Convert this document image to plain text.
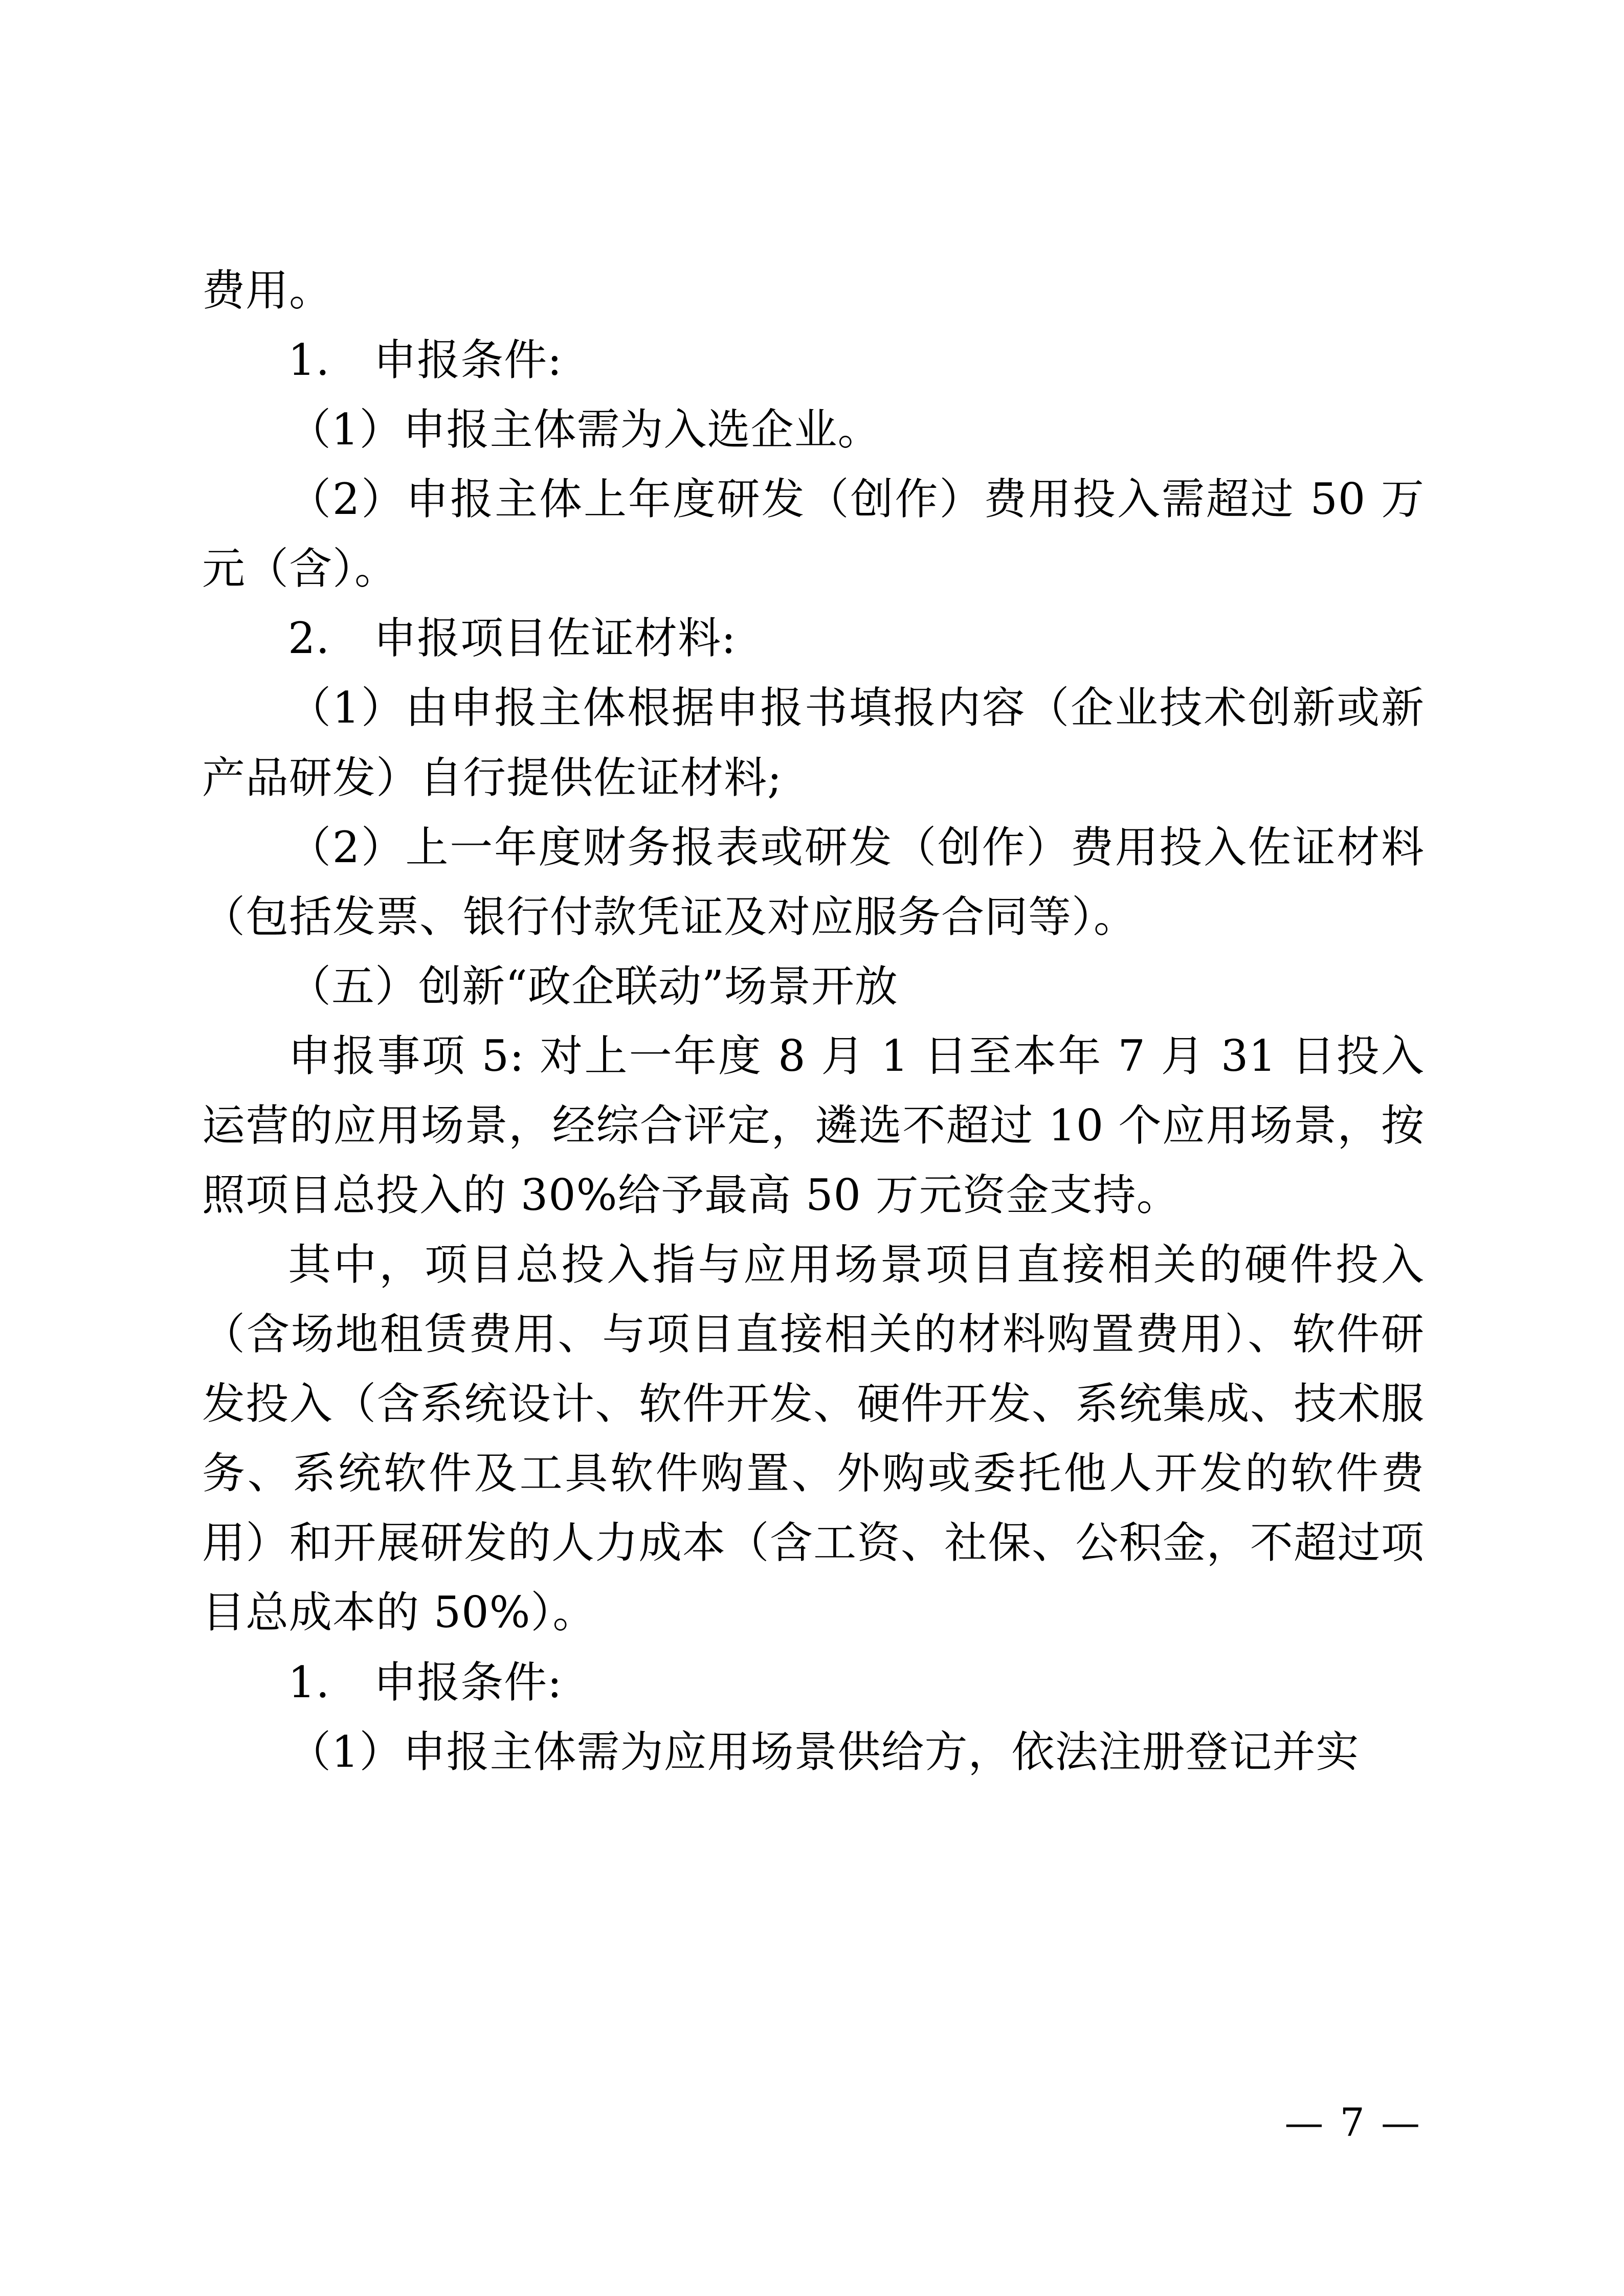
费用。

1.　申报条件:

（1）申报主体需为入选企业。

（2）申报主体上年度研发（创作）费用投入需超过 50 万元（含）。

2.　申报项目佐证材料:

（1）由申报主体根据申报书填报内容（企业技术创新或新产品研发）自行提供佐证材料;

（2）上一年度财务报表或研发（创作）费用投入佐证材料（包括发票、银行付款凭证及对应服务合同等）。

（五）创新“政企联动”场景开放

申报事项 5: 对上一年度 8 月 1 日至本年 7 月 31 日投入运营的应用场景，经综合评定，遴选不超过 10 个应用场景，按照项目总投入的 30%给予最高 50 万元资金支持。

其中，项目总投入指与应用场景项目直接相关的硬件投入（含场地租赁费用、与项目直接相关的材料购置费用）、软件研发投入（含系统设计、软件开发、硬件开发、系统集成、技术服务、系统软件及工具软件购置、外购或委托他人开发的软件费用）和开展研发的人力成本（含工资、社保、公积金，不超过项目总成本的 50%）。

1.　申报条件:

（1）申报主体需为应用场景供给方，依法注册登记并实

— 7 —
